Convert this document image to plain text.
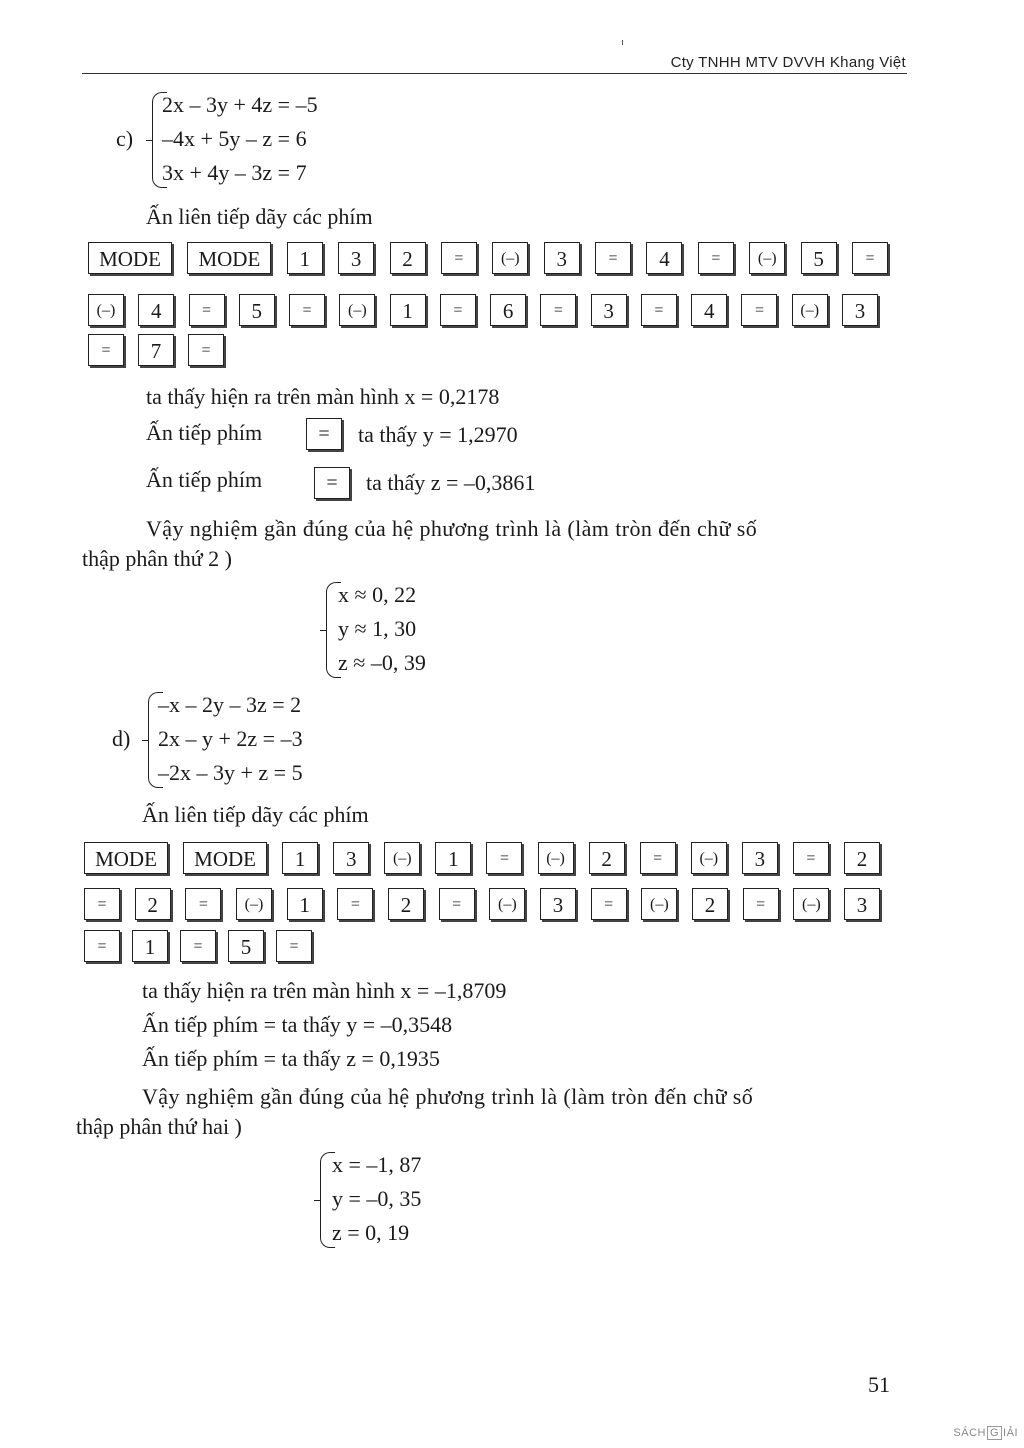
Cty TNHH MTV DVVH Khang Việt
c)
2x – 3y + 4z = –5
–4x + 5y – z = 6
3x + 4y – 3z = 7
Ấn liên tiếp dãy các phím
MODE	MODE	1	3	2	=	(–)	3	=	4	=	(–)	5	=
(–)	4	=	5	=	(–)	1	=	6	=	3	=	4	=	(–)	3
=	7	=
ta thấy hiện ra trên màn hình x = 0,2178
Ấn tiếp phím	=	ta thấy y = 1,2970
Ấn tiếp phím	=	ta thấy z = –0,3861
Vậy nghiệm gần đúng của hệ phương trình là (làm tròn đến chữ số
thập phân thứ 2 )
x ≈ 0, 22
y ≈ 1, 30
z ≈ –0, 39
d)
–x – 2y – 3z = 2
2x – y + 2z = –3
–2x – 3y + z = 5
Ấn liên tiếp dãy các phím
MODE	MODE	1	3	(–)	1	=	(–)	2	=	(–)	3	=	2
=	2	=	(–)	1	=	2	=	(–)	3	=	(–)	2	=	(–)	3
=	1	=	5	=
ta thấy hiện ra trên màn hình x = –1,8709
Ấn tiếp phím = ta thấy y = –0,3548
Ấn tiếp phím = ta thấy z = 0,1935
Vậy nghiệm gần đúng của hệ phương trình là (làm tròn đến chữ số
thập phân thứ hai )
x = –1, 87
y = –0, 35
z = 0, 19
51
SÁCH G IẢI
